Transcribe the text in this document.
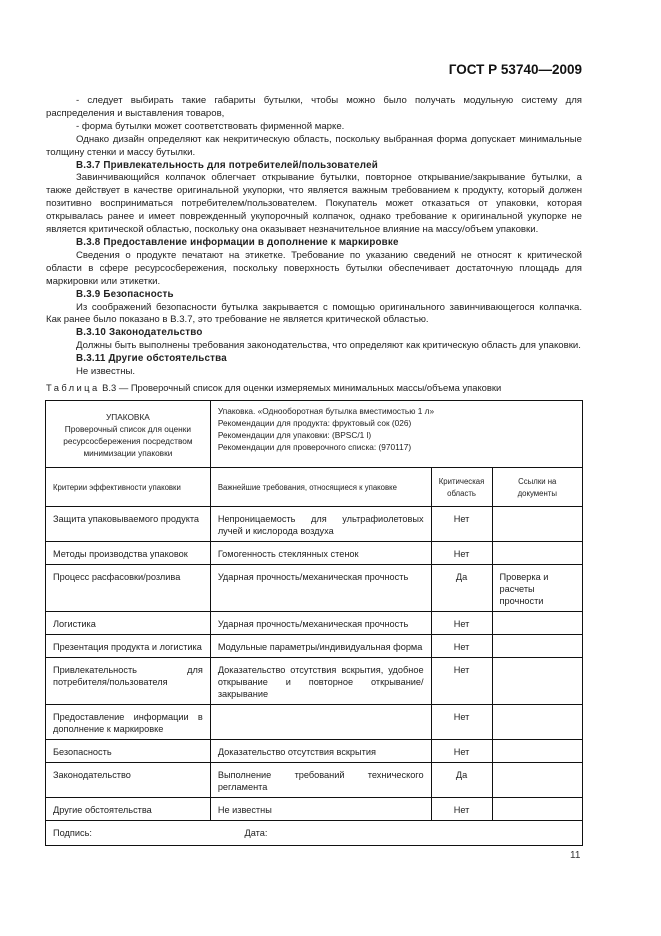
ГОСТ Р 53740—2009

- следует выбирать такие габариты бутылки, чтобы можно было получать модульную систему для распределения и выставления товаров,

- форма бутылки может соответствовать фирменной марке.

Однако дизайн определяют как некритическую область, поскольку выбранная форма допускает минимальные толщину стенки и массу бутылки.

В.3.7 Привлекательность для потребителей/пользователей

Завинчивающийся колпачок облегчает открывание бутылки, повторное открывание/закрывание бутылки, а также действует в качестве оригинальной укупорки, что является важным требованием к продукту, который должен позитивно восприниматься потребителем/пользователем. Покупатель может отказаться от упаковки, которая открывалась ранее и имеет поврежденный укупорочный колпачок, однако требование к оригинальной укупорке не является критической областью, поскольку она оказывает незначительное влияние на массу/объем упаковки.

В.3.8 Предоставление информации в дополнение к маркировке

Сведения о продукте печатают на этикетке. Требование по указанию сведений не относят к критической области в сфере ресурсосбережения, поскольку поверхность бутылки обеспечивает достаточную площадь для маркировки или этикетки.

В.3.9 Безопасность

Из соображений безопасности бутылка закрывается с помощью оригинального завинчивающегося колпачка. Как ранее было показано в В.3.7, это требование не является критической областью.

В.3.10 Законодательство

Должны быть выполнены требования законодательства, что определяют как критическую область для упаковки.

В.3.11 Другие обстоятельства

Не известны.

Таблица В.3 — Проверочный список для оценки измеряемых минимальных массы/объема упаковки
УПАКОВКА
Проверочный список для оценки ресурсосбережения посредством минимизации упаковки

Упаковка. «Однооборотная бутылка вместимостью 1 л»
Рекомендации для продукта: фруктовый сок (026)
Рекомендации для упаковки: (BPSC/1 l)
Рекомендации для проверочного списка: (970117)

Критерии эффективности упаковки	Важнейшие требования, относящиеся к упаковке	Критическая область	Ссылки на документы
Защита упаковываемого продукта	Непроницаемость для ультрафиолетовых лучей и кислорода воздуха	Нет	
Методы производства упаковок	Гомогенность стеклянных стенок	Нет	
Процесс расфасовки/розлива	Ударная прочность/механическая прочность	Да	Проверка и расчеты прочности
Логистика	Ударная прочность/механическая прочность	Нет	
Презентация продукта и логистика	Модульные параметры/индивидуальная форма	Нет	
Привлекательность для потребителя/пользователя	Доказательство отсутствия вскрытия, удобное открывание и повторное открывание/закрывание	Нет	
Предоставление информации в дополнение к маркировке		Нет	
Безопасность	Доказательство отсутствия вскрытия	Нет	
Законодательство	Выполнение требований технического регламента	Да	
Другие обстоятельства	Не известны	Нет	
Подпись: Дата:			
11
